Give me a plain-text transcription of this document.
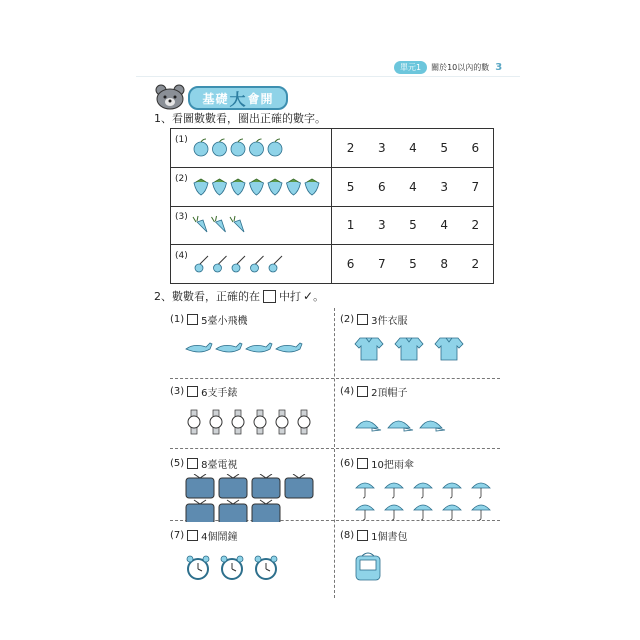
單元1	關於10以內的數 3
基礎 大 會開
1、看圖數數看，圈出正確的數字。
(1)
2 3 4 5 6
(2)
5 6 4 3 7
(3)
1 3 5 4 2
(4)
6 7 5 8 2
2、數數看，正確的在 中打 ✓ 。
(1) 5臺小飛機	(2) 3件衣服
(3) 6支手錶	(4) 2頂帽子
(5) 8臺電視	(6) 10把雨傘
(7) 4個鬧鐘	(8) 1個書包
